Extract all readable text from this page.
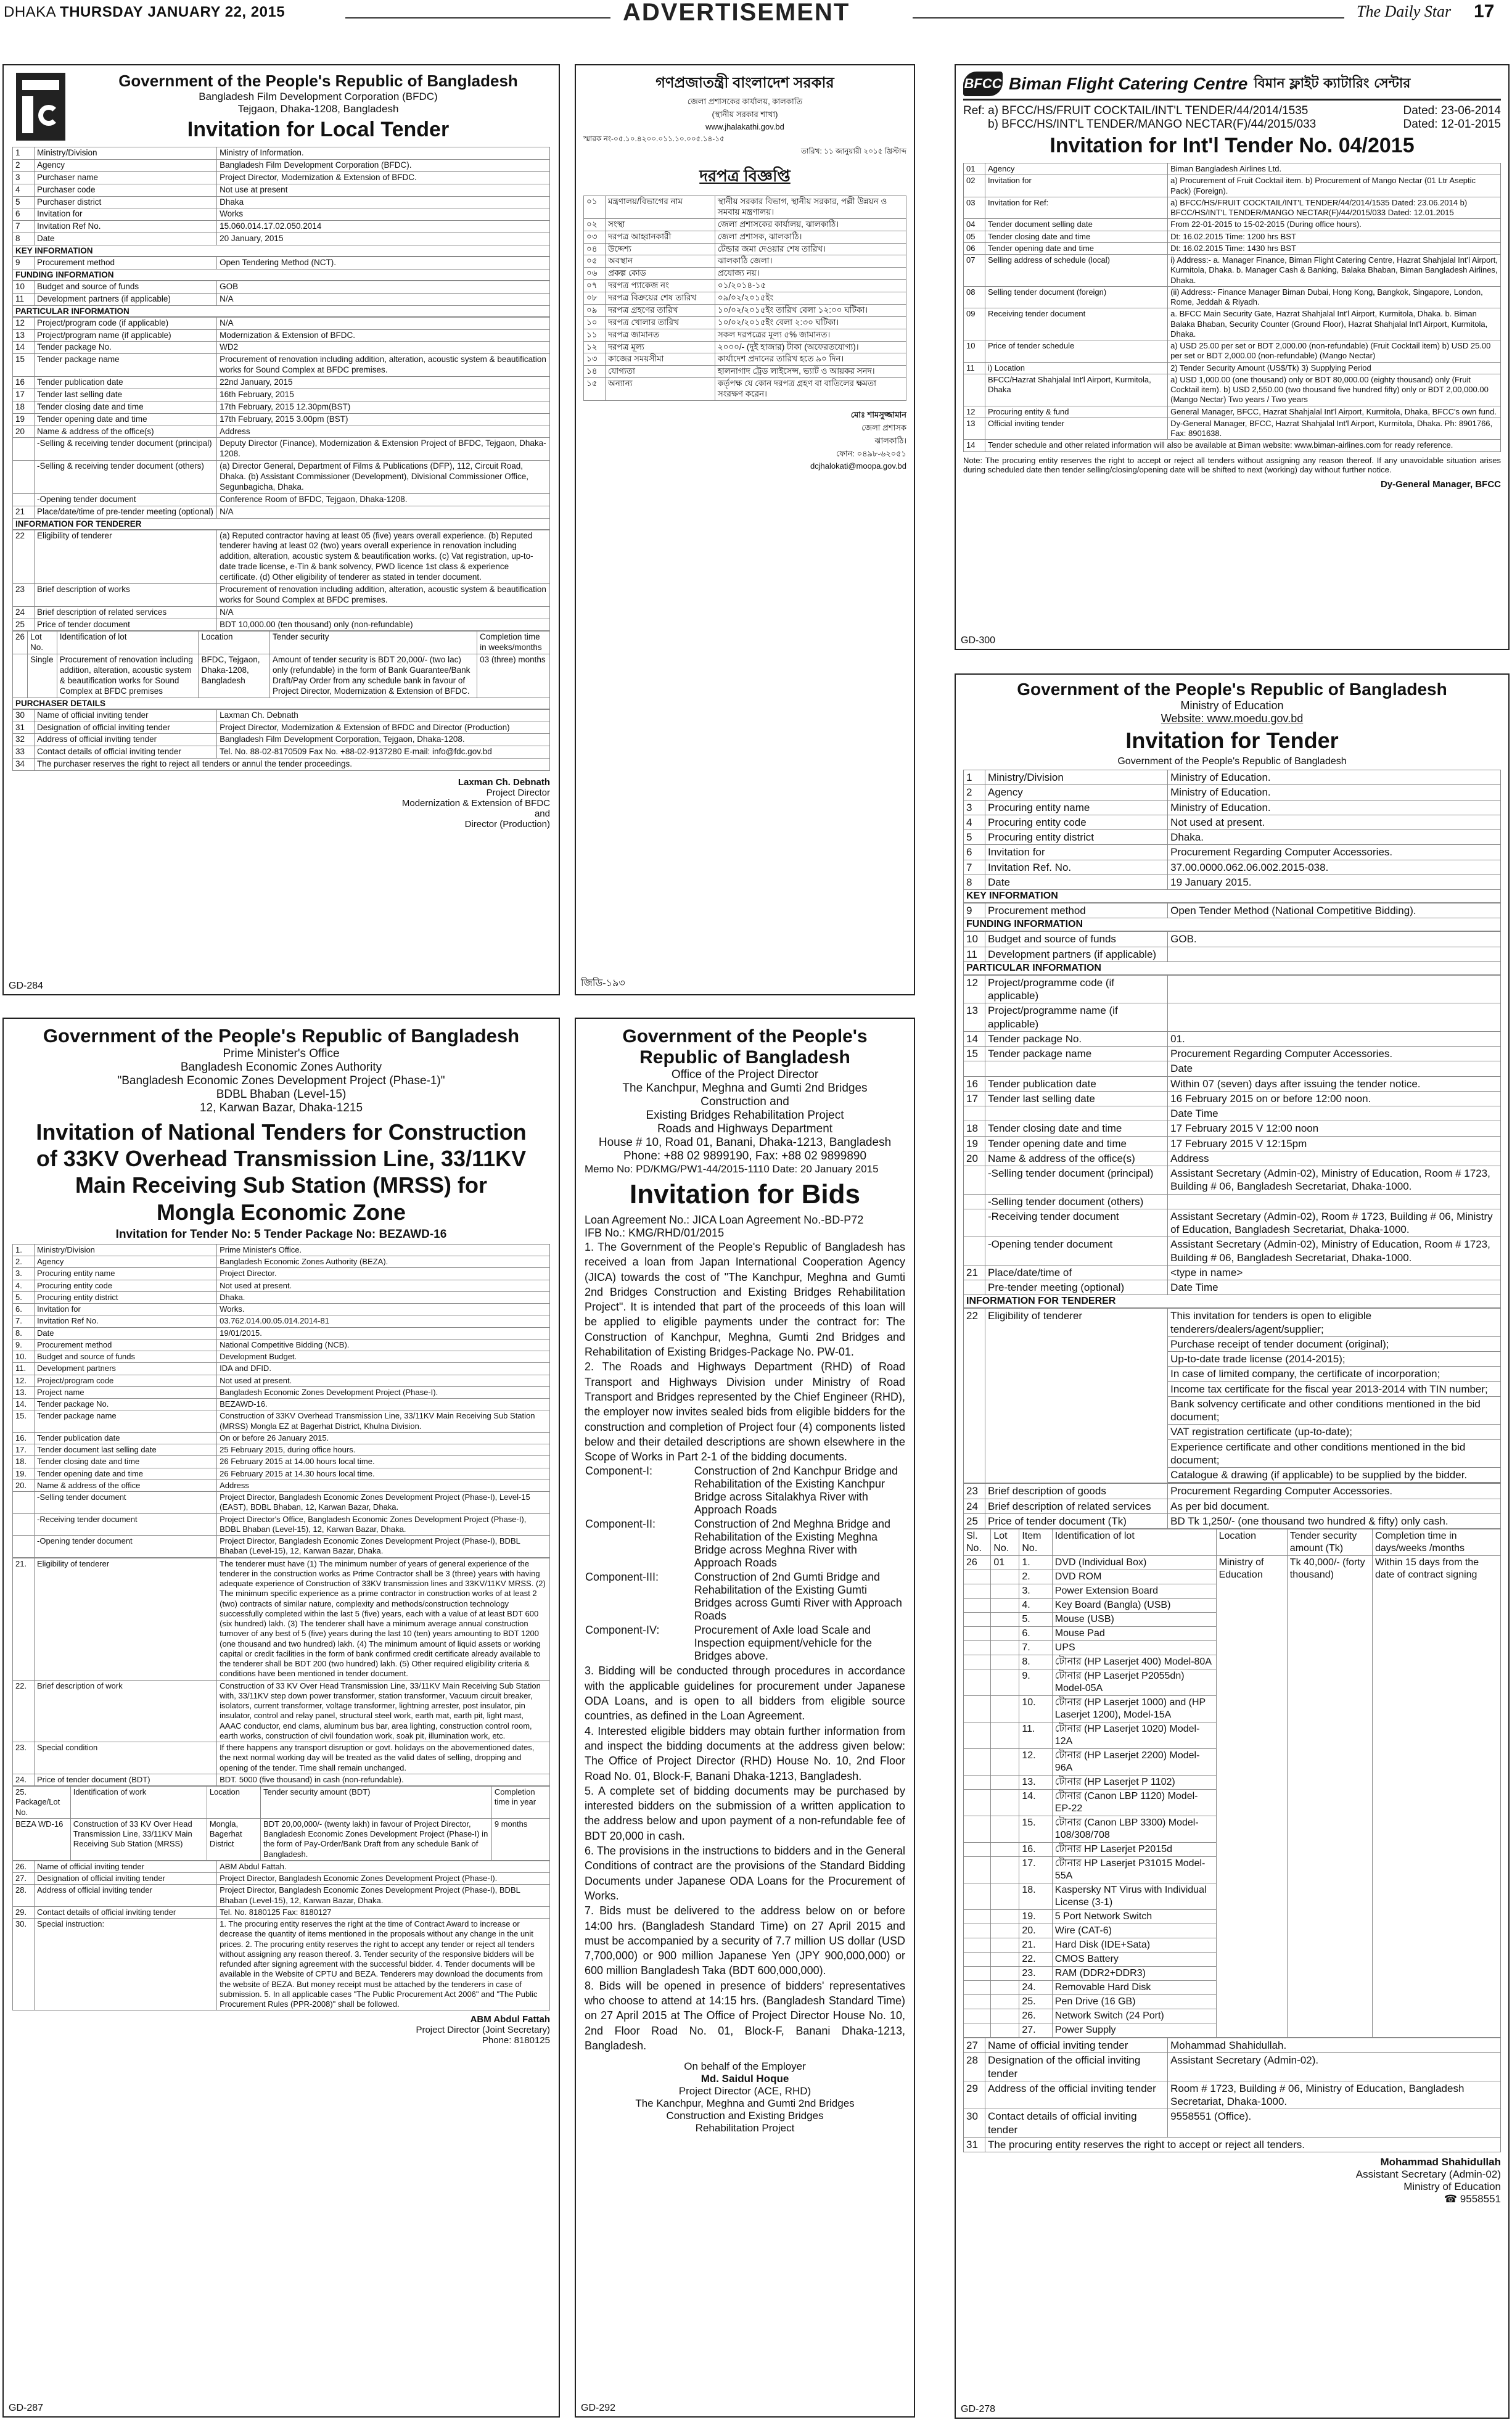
DHAKA THURSDAY JANUARY 22, 2015	ADVERTISEMENT	The Daily Star 17
Government of the People's Republic of Bangladesh
Bangladesh Film Development Corporation (BFDC)
Tejgaon, Dhaka-1208, Bangladesh
Invitation for Local Tender
1	Ministry/Division	Ministry of Information.
2	Agency	Bangladesh Film Development Corporation (BFDC).
3	Purchaser name	Project Director, Modernization & Extension of BFDC.
4	Purchaser code	Not use at present
5	Purchaser district	Dhaka
6	Invitation for	Works
7	Invitation Ref No.	15.060.014.17.02.050.2014
8	Date	20 January, 2015
KEY INFORMATION
9	Procurement method	Open Tendering Method (NCT).
FUNDING INFORMATION
10	Budget and source of funds	GOB
11	Development partners (if applicable)	N/A
PARTICULAR INFORMATION
12	Project/program code (if applicable)	N/A
13	Project/program name (if applicable)	Modernization & Extension of BFDC.
14	Tender package No.	WD2
15	Tender package name	Procurement of renovation including addition, alteration, acoustic system & beautification works for Sound Complex at BFDC premises.
16	Tender publication date	22nd January, 2015
17	Tender last selling date	16th February, 2015
18	Tender closing date and time	17th February, 2015 12.30pm(BST)
19	Tender opening date and time	17th February, 2015 3.00pm (BST)
20	Name & address of the office(s)	Address
	-Selling & receiving tender document (principal)	Deputy Director (Finance), Modernization & Extension Project of BFDC, Tejgaon, Dhaka-1208.
	-Selling & receiving tender document (others)	(a) Director General, Department of Films & Publications (DFP), 112, Circuit Road, Dhaka. (b) Assistant Commissioner (Development), Divisional Commissioner Office, Segunbagicha, Dhaka.
	-Opening tender document	Conference Room of BFDC, Tejgaon, Dhaka-1208.
21	Place/date/time of pre-tender meeting (optional)	N/A
INFORMATION FOR TENDERER
22	Eligibility of tenderer	(a) Reputed contractor having at least 05 (five) years overall experience. (b) Reputed tenderer having at least 02 (two) years overall experience in renovation including addition, alteration, acoustic system & beautification works. (c) Vat registration, up-to-date trade license, e-Tin & bank solvency, PWD licence 1st class & experience certificate. (d) Other eligibility of tenderer as stated in tender document.
23	Brief description of works	Procurement of renovation including addition, alteration, acoustic system & beautification works for Sound Complex at BFDC premises.
24	Brief description of related services	N/A
25	Price of tender document	BDT 10,000.00 (ten thousand) only (non-refundable)
26	Lot No.	Identification of lot	Location	Tender security	Completion time in weeks/months
	Single	Procurement of renovation including addition, alteration, acoustic system & beautification works for Sound Complex at BFDC premises	BFDC, Tejgaon, Dhaka-1208, Bangladesh	Amount of tender security is BDT 20,000/- (two lac) only (refundable) in the form of Bank Guarantee/Bank Draft/Pay Order from any schedule bank in favour of Project Director, Modernization & Extension of BFDC.	03 (three) months
PURCHASER DETAILS
30	Name of official inviting tender	Laxman Ch. Debnath
31	Designation of official inviting tender	Project Director, Modernization & Extension of BFDC and Director (Production)
32	Address of official inviting tender	Bangladesh Film Development Corporation, Tejgaon, Dhaka-1208.
33	Contact details of official inviting tender	Tel. No. 88-02-8170509 Fax No. +88-02-9137280 E-mail: info@fdc.gov.bd
34	The purchaser reserves the right to reject all tenders or annul the tender proceedings.	
Laxman Ch. Debnath
Project Director
Modernization & Extension of BFDC
and
Director (Production)
GD-284
গণপ্রজাতন্ত্রী বাংলাদেশ সরকার
জেলা প্রশাসকের কার্যালয়, কালকাতি
(স্থানীয় সরকার শাখা)
www.jhalakathi.gov.bd
স্মারক নং-০৫.১০.৪২০০.০১১.১০.০০৫.১৪-১৫
তারিখ: ১১ জানুয়ারী ২০১৫ খ্রিস্টাব্দ
দরপত্র বিজ্ঞপ্তি
০১	মন্ত্রণালয়/বিভাগের নাম	স্থানীয় সরকার বিভাগ, স্থানীয় সরকার, পল্লী উন্নয়ন ও সমবায় মন্ত্রণালয়।
০২	সংস্থা	জেলা প্রশাসকের কার্যালয়, ঝালকাঠি।
০৩	দরপত্র আহ্বানকারী	জেলা প্রশাসক, ঝালকাঠি।
০৪	উদ্দেশ্য	টেন্ডার জমা দেওয়ার শেষ তারিখ।
০৫	অবস্থান	ঝালকাঠি জেলা।
০৬	প্রকল্প কোড	প্রযোজ্য নয়।
০৭	দরপত্র প্যাকেজ নং	০১/২০১৪-১৫
০৮	দরপত্র বিক্রয়ের শেষ তারিখ	০৯/০২/২০১৫ইং
০৯	দরপত্র গ্রহণের তারিখ	১০/০২/২০১৫ইং তারিখ বেলা ১২:০০ ঘটিকা।
১০	দরপত্র খোলার তারিখ	১০/০২/২০১৫ইং বেলা ২:৩০ ঘটিকা।
১১	দরপত্র জামানত	সকল দরপত্রের মূল্য ৫% জামানত।
১২	দরপত্র মূল্য	২০০০/- (দুই হাজার) টাকা (অফেরতযোগ্য)।
১৩	কাজের সময়সীমা	কার্যাদেশ প্রদানের তারিখ হতে ৯০ দিন।
১৪	যোগ্যতা	হালনাগাদ ট্রেড লাইসেন্স, ভ্যাট ও আয়কর সনদ।
১৫	অন্যান্য	কর্তৃপক্ষ যে কোন দরপত্র গ্রহণ বা বাতিলের ক্ষমতা সংরক্ষণ করেন।
মোঃ শামসুজ্জামান
জেলা প্রশাসক
ঝালকাঠি।
ফোন: ০৪৯৮-৬২০৫১
dcjhalokati@moopa.gov.bd
জিডি-১৯৩
BFCC Biman Flight Catering Centre বিমান ফ্লাইট ক্যাটারিং সেন্টার
Ref: a) BFCC/HS/FRUIT COCKTAIL/INT'L TENDER/44/2014/1535	Dated: 23-06-2014
b) BFCC/HS/INT'L TENDER/MANGO NECTAR(F)/44/2015/033	Dated: 12-01-2015
Invitation for Int'l Tender No. 04/2015
01	Agency	Biman Bangladesh Airlines Ltd.
02	Invitation for	a) Procurement of Fruit Cocktail item. b) Procurement of Mango Nectar (01 Ltr Aseptic Pack) (Foreign).
03	Invitation for Ref:	a) BFCC/HS/FRUIT COCKTAIL/INT'L TENDER/44/2014/1535 Dated: 23.06.2014 b) BFCC/HS/INT'L TENDER/MANGO NECTAR(F)/44/2015/033 Dated: 12.01.2015
04	Tender document selling date	From 22-01-2015 to 15-02-2015 (During office hours).
05	Tender closing date and time	Dt: 16.02.2015 Time: 1200 hrs BST
06	Tender opening date and time	Dt: 16.02.2015 Time: 1430 hrs BST
07	Selling address of schedule (local)	i) Address:- a. Manager Finance, Biman Flight Catering Centre, Hazrat Shahjalal Int'l Airport, Kurmitola, Dhaka. b. Manager Cash & Banking, Balaka Bhaban, Biman Bangladesh Airlines, Dhaka.
08	Selling tender document (foreign)	(ii) Address:- Finance Manager Biman Dubai, Hong Kong, Bangkok, Singapore, London, Rome, Jeddah & Riyadh.
09	Receiving tender document	a. BFCC Main Security Gate, Hazrat Shahjalal Int'l Airport, Kurmitola, Dhaka. b. Biman Balaka Bhaban, Security Counter (Ground Floor), Hazrat Shahjalal Int'l Airport, Kurmitola, Dhaka.
10	Price of tender schedule	a) USD 25.00 per set or BDT 2,000.00 (non-refundable) (Fruit Cocktail item) b) USD 25.00 per set or BDT 2,000.00 (non-refundable) (Mango Nectar)
11	i) Location	2) Tender Security Amount (US$/Tk) 3) Supplying Period
	BFCC/Hazrat Shahjalal Int'l Airport, Kurmitola, Dhaka	a) USD 1,000.00 (one thousand) only or BDT 80,000.00 (eighty thousand) only (Fruit Cocktail item). b) USD 2,550.00 (two thousand five hundred fifty) only or BDT 2,00,000.00 (Mango Nectar) Two years / Two years
12	Procuring entity & fund	General Manager, BFCC, Hazrat Shahjalal Int'l Airport, Kurmitola, Dhaka, BFCC's own fund.
13	Official inviting tender	Dy-General Manager, BFCC, Hazrat Shahjalal Int'l Airport, Kurmitola, Dhaka. Ph: 8901766, Fax: 8901638.
14	Tender schedule and other related information will also be available at Biman website: www.biman-airlines.com for ready reference.	
Note: The procuring entity reserves the right to accept or reject all tenders without assigning any reason thereof. If any unavoidable situation arises during scheduled date then tender selling/closing/opening date will be shifted to next (working) day without further notice.
Dy-General Manager, BFCC
GD-300
Government of the People's Republic of Bangladesh
Ministry of Education
Website: www.moedu.gov.bd
Invitation for Tender
Government of the People's Republic of Bangladesh
1	Ministry/Division	Ministry of Education.
2	Agency	Ministry of Education.
3	Procuring entity name	Ministry of Education.
4	Procuring entity code	Not used at present.
5	Procuring entity district	Dhaka.
6	Invitation for	Procurement Regarding Computer Accessories.
7	Invitation Ref. No.	37.00.0000.062.06.002.2015-038.
8	Date	19 January 2015.
KEY INFORMATION
9	Procurement method	Open Tender Method (National Competitive Bidding).
FUNDING INFORMATION
10	Budget and source of funds	GOB.
11	Development partners (if applicable)	
PARTICULAR INFORMATION
12	Project/programme code (if applicable)	
13	Project/programme name (if applicable)	
14	Tender package No.	01.
15	Tender package name	Procurement Regarding Computer Accessories.
		Date
16	Tender publication date	Within 07 (seven) days after issuing the tender notice.
17	Tender last selling date	16 February 2015 on or before 12:00 noon.
		Date Time
18	Tender closing date and time	17 February 2015 V 12:00 noon
19	Tender opening date and time	17 February 2015 V 12:15pm
20	Name & address of the office(s)	Address
	-Selling tender document (principal)	Assistant Secretary (Admin-02), Ministry of Education, Room # 1723, Building # 06, Bangladesh Secretariat, Dhaka-1000.
	-Selling tender document (others)	
	-Receiving tender document	Assistant Secretary (Admin-02), Room # 1723, Building # 06, Ministry of Education, Bangladesh Secretariat, Dhaka-1000.
	-Opening tender document	Assistant Secretary (Admin-02), Ministry of Education, Room # 1723, Building # 06, Bangladesh Secretariat, Dhaka-1000.
21	Place/date/time of	<type in name>
	Pre-tender meeting (optional)	Date Time
INFORMATION FOR TENDERER
22	Eligibility of tenderer	This invitation for tenders is open to eligible tenderers/dealers/agent/supplier;
Purchase receipt of tender document (original);
Up-to-date trade license (2014-2015);
In case of limited company, the certificate of incorporation;
Income tax certificate for the fiscal year 2013-2014 with TIN number;
Bank solvency certificate and other conditions mentioned in the bid document;
VAT registration certificate (up-to-date);
Experience certificate and other conditions mentioned in the bid document;
Catalogue & drawing (if applicable) to be supplied by the bidder.
23	Brief description of goods	Procurement Regarding Computer Accessories.
24	Brief description of related services	As per bid document.
25	Price of tender document (Tk)	BD Tk 1,250/- (one thousand two hundred & fifty) only cash.
Sl. No.	Lot No.	Item No.	Identification of lot	Location	Tender security amount (Tk)	Completion time in days/weeks /months
26	01	1.	DVD (Individual Box)	Ministry of Education	Tk 40,000/- (forty thousand)	Within 15 days from the date of contract signing
		2.	DVD ROM			
		3.	Power Extension Board			
		4.	Key Board (Bangla) (USB)			
		5.	Mouse (USB)			
		6.	Mouse Pad			
		7.	UPS			
		8.	টোনার (HP Laserjet 400) Model-80A			
		9.	টোনার (HP Laserjet P2055dn) Model-05A			
		10.	টোনার (HP Laserjet 1000) and (HP Laserjet 1200), Model-15A			
		11.	টোনার (HP Laserjet 1020) Model-12A			
		12.	টোনার (HP Laserjet 2200) Model-96A			
		13.	টোনার (HP Laserjet P 1102)			
		14.	টোনার (Canon LBP 1120) Model-EP-22			
		15.	টোনার (Canon LBP 3300) Model-108/308/708			
		16.	টোনার HP Laserjet P2015d			
		17.	টোনার HP Laserjet P31015 Model- 55A			
		18.	Kaspersky NT Virus with Individual License (3-1)			
		19.	5 Port Network Switch			
		20.	Wire (CAT-6)			
		21.	Hard Disk (IDE+Sata)			
		22.	CMOS Battery			
		23.	RAM (DDR2+DDR3)			
		24.	Removable Hard Disk			
		25.	Pen Drive (16 GB)			
		26.	Network Switch (24 Port)			
		27.	Power Supply			
27	Name of official inviting tender	Mohammad Shahidullah.
28	Designation of the official inviting tender	Assistant Secretary (Admin-02).
29	Address of the official inviting tender	Room # 1723, Building # 06, Ministry of Education, Bangladesh Secretariat, Dhaka-1000.
30	Contact details of official inviting tender	9558551 (Office).
31	The procuring entity reserves the right to accept or reject all tenders.	
Mohammad Shahidullah
Assistant Secretary (Admin-02)
Ministry of Education
☎ 9558551
GD-278
Government of the People's Republic of Bangladesh
Prime Minister's Office
Bangladesh Economic Zones Authority
"Bangladesh Economic Zones Development Project (Phase-1)"
BDBL Bhaban (Level-15)
12, Karwan Bazar, Dhaka-1215
Invitation of National Tenders for Construction
of 33KV Overhead Transmission Line, 33/11KV
Main Receiving Sub Station (MRSS) for
Mongla Economic Zone
Invitation for Tender No: 5 Tender Package No: BEZAWD-16
1.	Ministry/Division	Prime Minister's Office.
2.	Agency	Bangladesh Economic Zones Authority (BEZA).
3.	Procuring entity name	Project Director.
4.	Procuring entity code	Not used at present.
5.	Procuring entity district	Dhaka.
6.	Invitation for	Works.
7.	Invitation Ref No.	03.762.014.00.05.014.2014-81
8.	Date	19/01/2015.
9.	Procurement method	National Competitive Bidding (NCB).
10.	Budget and source of funds	Development Budget.
11.	Development partners	IDA and DFID.
12.	Project/program code	Not used at present.
13.	Project name	Bangladesh Economic Zones Development Project (Phase-I).
14.	Tender package No.	BEZAWD-16.
15.	Tender package name	Construction of 33KV Overhead Transmission Line, 33/11KV Main Receiving Sub Station (MRSS) Mongla EZ at Bagerhat District, Khulna Division.
16.	Tender publication date	On or before 26 January 2015.
17.	Tender document last selling date	25 February 2015, during office hours.
18.	Tender closing date and time	26 February 2015 at 14.00 hours local time.
19.	Tender opening date and time	26 February 2015 at 14.30 hours local time.
20.	Name & address of the office	Address
	-Selling tender document	Project Director, Bangladesh Economic Zones Development Project (Phase-I), Level-15 (EAST), BDBL Bhaban, 12, Karwan Bazar, Dhaka.
	-Receiving tender document	Project Director's Office, Bangladesh Economic Zones Development Project (Phase-I), BDBL Bhaban (Level-15), 12, Karwan Bazar, Dhaka.
	-Opening tender document	Project Director, Bangladesh Economic Zones Development Project (Phase-I), BDBL Bhaban (Level-15), 12, Karwan Bazar, Dhaka.
21.	Eligibility of tenderer	The tenderer must have (1) The minimum number of years of general experience of the tenderer in the construction works as Prime Contractor shall be 3 (three) years with having adequate experience of Construction of 33KV transmission lines and 33KV/11KV MRSS. (2) The minimum specific experience as a prime contractor in construction works of at least 2 (two) contracts of similar nature, complexity and methods/construction technology successfully completed within the last 5 (five) years, each with a value of at least BDT 600 (six hundred) lakh. (3) The tenderer shall have a minimum average annual construction turnover of any best of 5 (five) years during the last 10 (ten) years amounting to BDT 1200 (one thousand and two hundred) lakh. (4) The minimum amount of liquid assets or working capital or credit facilities in the form of bank confirmed credit certificate already available to the tenderer shall be BDT 200 (two hundred) lakh. (5) Other required eligibility criteria & conditions have been mentioned in tender document.
22.	Brief description of work	Construction of 33 KV Over Head Transmission Line, 33/11KV Main Receiving Sub Station with, 33/11KV step down power transformer, station transformer, Vacuum circuit breaker, isolators, current transformer, voltage transformer, lightning arrester, post insulator, pin insulator, control and relay panel, structural steel work, earth mat, earth pit, light mast, AAAC conductor, end clams, aluminum bus bar, area lighting, construction control room, earth works, construction of civil foundation work, soak pit, illumination work, etc.
23.	Special condition	If there happens any transport disruption or govt. holidays on the abovementioned dates, the next normal working day will be treated as the valid dates of selling, dropping and opening of the tender. Time shall remain unchanged.
24.	Price of tender document (BDT)	BDT. 5000 (five thousand) in cash (non-refundable).
25. Package/Lot No.	Identification of work	Location	Tender security amount (BDT)	Completion time in year
BEZA WD-16	Construction of 33 KV Over Head Transmission Line, 33/11KV Main Receiving Sub Station (MRSS)	Mongla, Bagerhat District	BDT 20,00,000/- (twenty lakh) in favour of Project Director, Bangladesh Economic Zones Development Project (Phase-I) in the form of Pay-Order/Bank Draft from any schedule Bank of Bangladesh.	9 months
26.	Name of official inviting tender	ABM Abdul Fattah.
27.	Designation of official inviting tender	Project Director, Bangladesh Economic Zones Development Project (Phase-I).
28.	Address of official inviting tender	Project Director, Bangladesh Economic Zones Development Project (Phase-I), BDBL Bhaban (Level-15), 12, Karwan Bazar, Dhaka.
29.	Contact details of official inviting tender	Tel. No. 8180125 Fax: 8180127
30.	Special instruction:	1. The procuring entity reserves the right at the time of Contract Award to increase or decrease the quantity of items mentioned in the proposals without any change in the unit prices. 2. The procuring entity reserves the right to accept any tender or reject all tenders without assigning any reason thereof. 3. Tender security of the responsive bidders will be refunded after signing agreement with the successful bidder. 4. Tender documents will be available in the Website of CPTU and BEZA. Tenderers may download the documents from the website of BEZA. But money receipt must be attached by the tenderers in case of submission. 5. In all applicable cases "The Public Procurement Act 2006" and "The Public Procurement Rules (PPR-2008)" shall be followed.
ABM Abdul Fattah
Project Director (Joint Secretary)
Phone: 8180125
GD-287
Government of the People's
Republic of Bangladesh
Office of the Project Director
The Kanchpur, Meghna and Gumti 2nd Bridges
Construction and
Existing Bridges Rehabilitation Project
Roads and Highways Department
House # 10, Road 01, Banani, Dhaka-1213, Bangladesh
Phone: +88 02 9899190, Fax: +88 02 9899890
Memo No: PD/KMG/PW1-44/2015-1110 Date: 20 January 2015
Invitation for Bids
Loan Agreement No.: JICA Loan Agreement No.-BD-P72
IFB No.: KMG/RHD/01/2015
1. The Government of the People's Republic of Bangladesh has received a loan from Japan International Cooperation Agency (JICA) towards the cost of "The Kanchpur, Meghna and Gumti 2nd Bridges Construction and Existing Bridges Rehabilitation Project". It is intended that part of the proceeds of this loan will be applied to eligible payments under the contract for: The Construction of Kanchpur, Meghna, Gumti 2nd Bridges and Rehabilitation of Existing Bridges-Package No. PW-01.
2. The Roads and Highways Department (RHD) of Road Transport and Highways Division under Ministry of Road Transport and Bridges represented by the Chief Engineer (RHD), the employer now invites sealed bids from eligible bidders for the construction and completion of Project four (4) components listed below and their detailed descriptions are shown elsewhere in the Scope of Works in Part 2-1 of the bidding documents.
Component-I:	Construction of 2nd Kanchpur Bridge and Rehabilitation of the Existing Kanchpur Bridge across Sitalakhya River with Approach Roads
Component-II:	Construction of 2nd Meghna Bridge and Rehabilitation of the Existing Meghna Bridge across Meghna River with Approach Roads
Component-III:	Construction of 2nd Gumti Bridge and Rehabilitation of the Existing Gumti Bridges across Gumti River with Approach Roads
Component-IV:	Procurement of Axle load Scale and Inspection equipment/vehicle for the Bridges above.
3. Bidding will be conducted through procedures in accordance with the applicable guidelines for procurement under Japanese ODA Loans, and is open to all bidders from eligible source countries, as defined in the Loan Agreement.
4. Interested eligible bidders may obtain further information from and inspect the bidding documents at the address given below: The Office of Project Director (RHD) House No. 10, 2nd Floor Road No. 01, Block-F, Banani Dhaka-1213, Bangladesh.
5. A complete set of bidding documents may be purchased by interested bidders on the submission of a written application to the address below and upon payment of a non-refundable fee of BDT 20,000 in cash.
6. The provisions in the instructions to bidders and in the General Conditions of contract are the provisions of the Standard Bidding Documents under Japanese ODA Loans for the Procurement of Works.
7. Bids must be delivered to the address below on or before 14:00 hrs. (Bangladesh Standard Time) on 27 April 2015 and must be accompanied by a security of 7.7 million US dollar (USD 7,700,000) or 900 million Japanese Yen (JPY 900,000,000) or 600 million Bangladesh Taka (BDT 600,000,000).
8. Bids will be opened in presence of bidders' representatives who choose to attend at 14:15 hrs. (Bangladesh Standard Time) on 27 April 2015 at The Office of Project Director House No. 10, 2nd Floor Road No. 01, Block-F, Banani Dhaka-1213, Bangladesh.
On behalf of the Employer
Md. Saidul Hoque
Project Director (ACE, RHD)
The Kanchpur, Meghna and Gumti 2nd Bridges
Construction and Existing Bridges
Rehabilitation Project
GD-292
